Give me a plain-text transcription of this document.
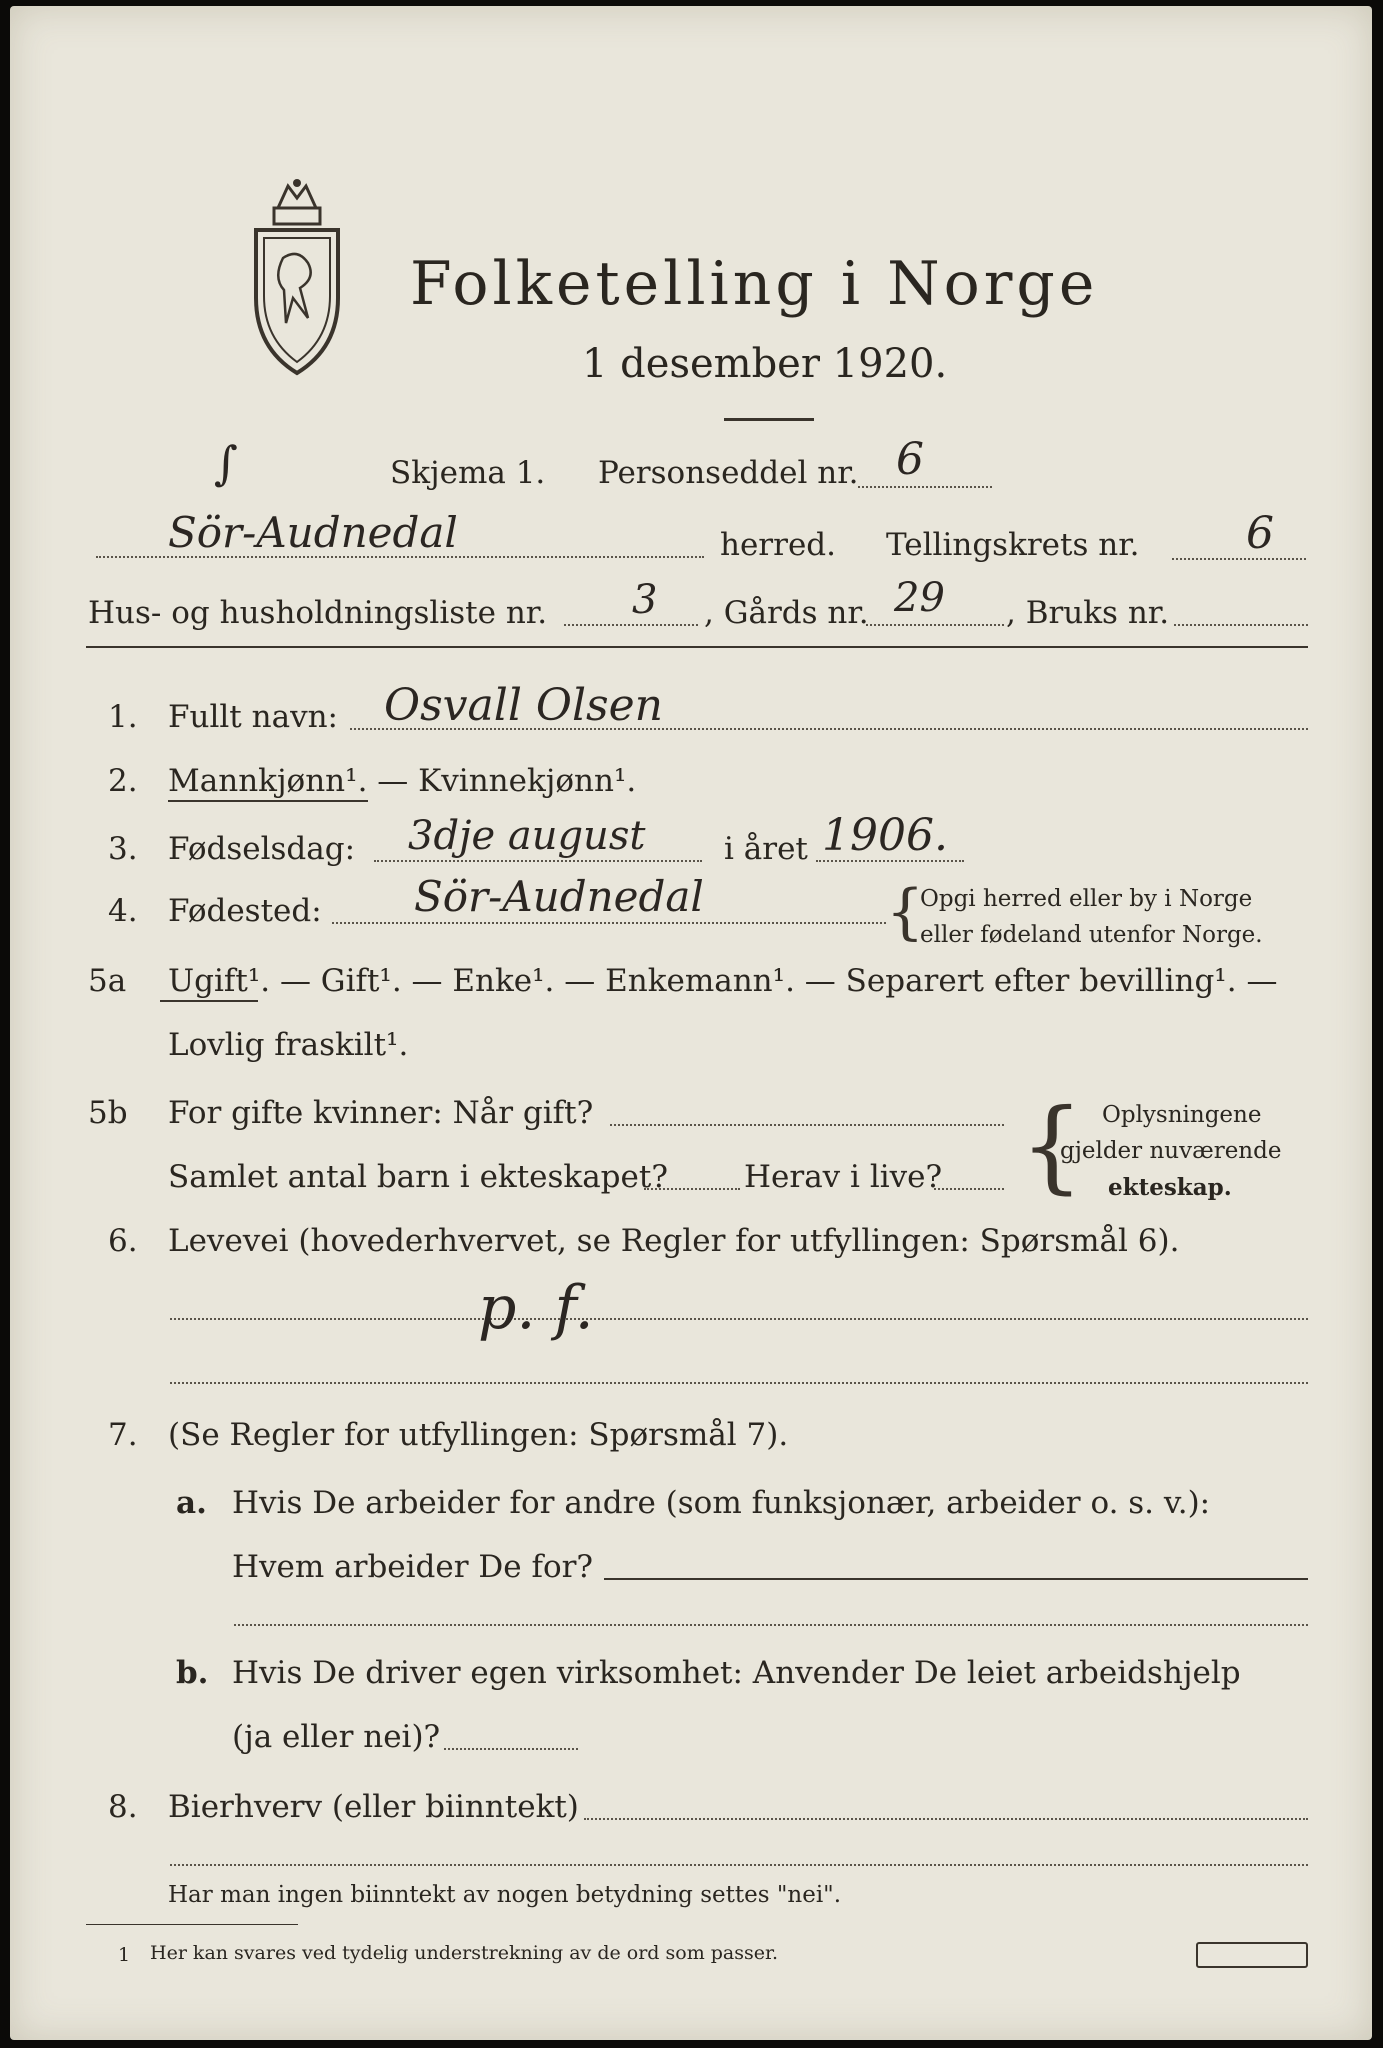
Folketelling i Norge
1 desember 1920.
∫	Skjema 1. Personseddel nr. 6
Sör-Audnedal	herred. Tellingskrets nr. 6
Hus- og husholdningsliste nr. 3 , Gårds nr. 29 , Bruks nr.
1. Fullt navn: Osvall Olsen
2. Mannkjønn¹. — Kvinnekjønn¹.
3. Fødselsdag: 3dje august	i året 1906.
4. Fødested: Sör-Audnedal	{
Opgi herred eller by i Norge
eller fødeland utenfor Norge.
5a Ugift¹. — Gift¹. — Enke¹. — Enkemann¹. — Separert efter bevilling¹. —
Lovlig fraskilt¹.
5b For gifte kvinner: Når gift?
Samlet antal barn i ekteskapet? Herav i live? { Oplysningene
gjelder nuværende
ekteskap.
6. Levevei (hovederhvervet, se Regler for utfyllingen: Spørsmål 6).
p. f.
7. (Se Regler for utfyllingen: Spørsmål 7).
a. Hvis De arbeider for andre (som funksjonær, arbeider o. s. v.):
Hvem arbeider De for?
b. Hvis De driver egen virksomhet: Anvender De leiet arbeidshjelp
(ja eller nei)?
8. Bierhverv (eller biinntekt)
Har man ingen biinntekt av nogen betydning settes "nei".
1 Her kan svares ved tydelig understrekning av de ord som passer.
